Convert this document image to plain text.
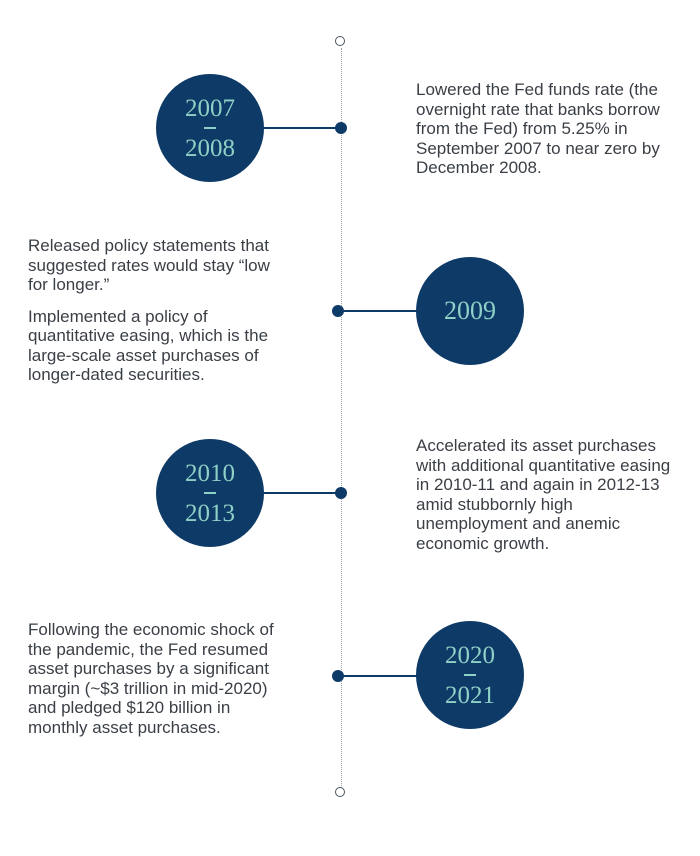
2007
2008

Lowered the Fed funds rate (the overnight rate that banks borrow from the Fed) from 5.25% in September 2007 to near zero by December 2008.

Released policy statements that suggested rates would stay “low for longer.”

Implemented a policy of quantitative easing, which is the large-scale asset purchases of longer-dated securities.

2009
2010
2013

Accelerated its asset purchases with additional quantitative easing in 2010-11 and again in 2012-13 amid stubbornly high unemployment and anemic economic growth.

Following the economic shock of the pandemic, the Fed resumed asset purchases by a significant margin (~$3 trillion in mid-2020) and pledged $120 billion in monthly asset purchases.

2020
2021
